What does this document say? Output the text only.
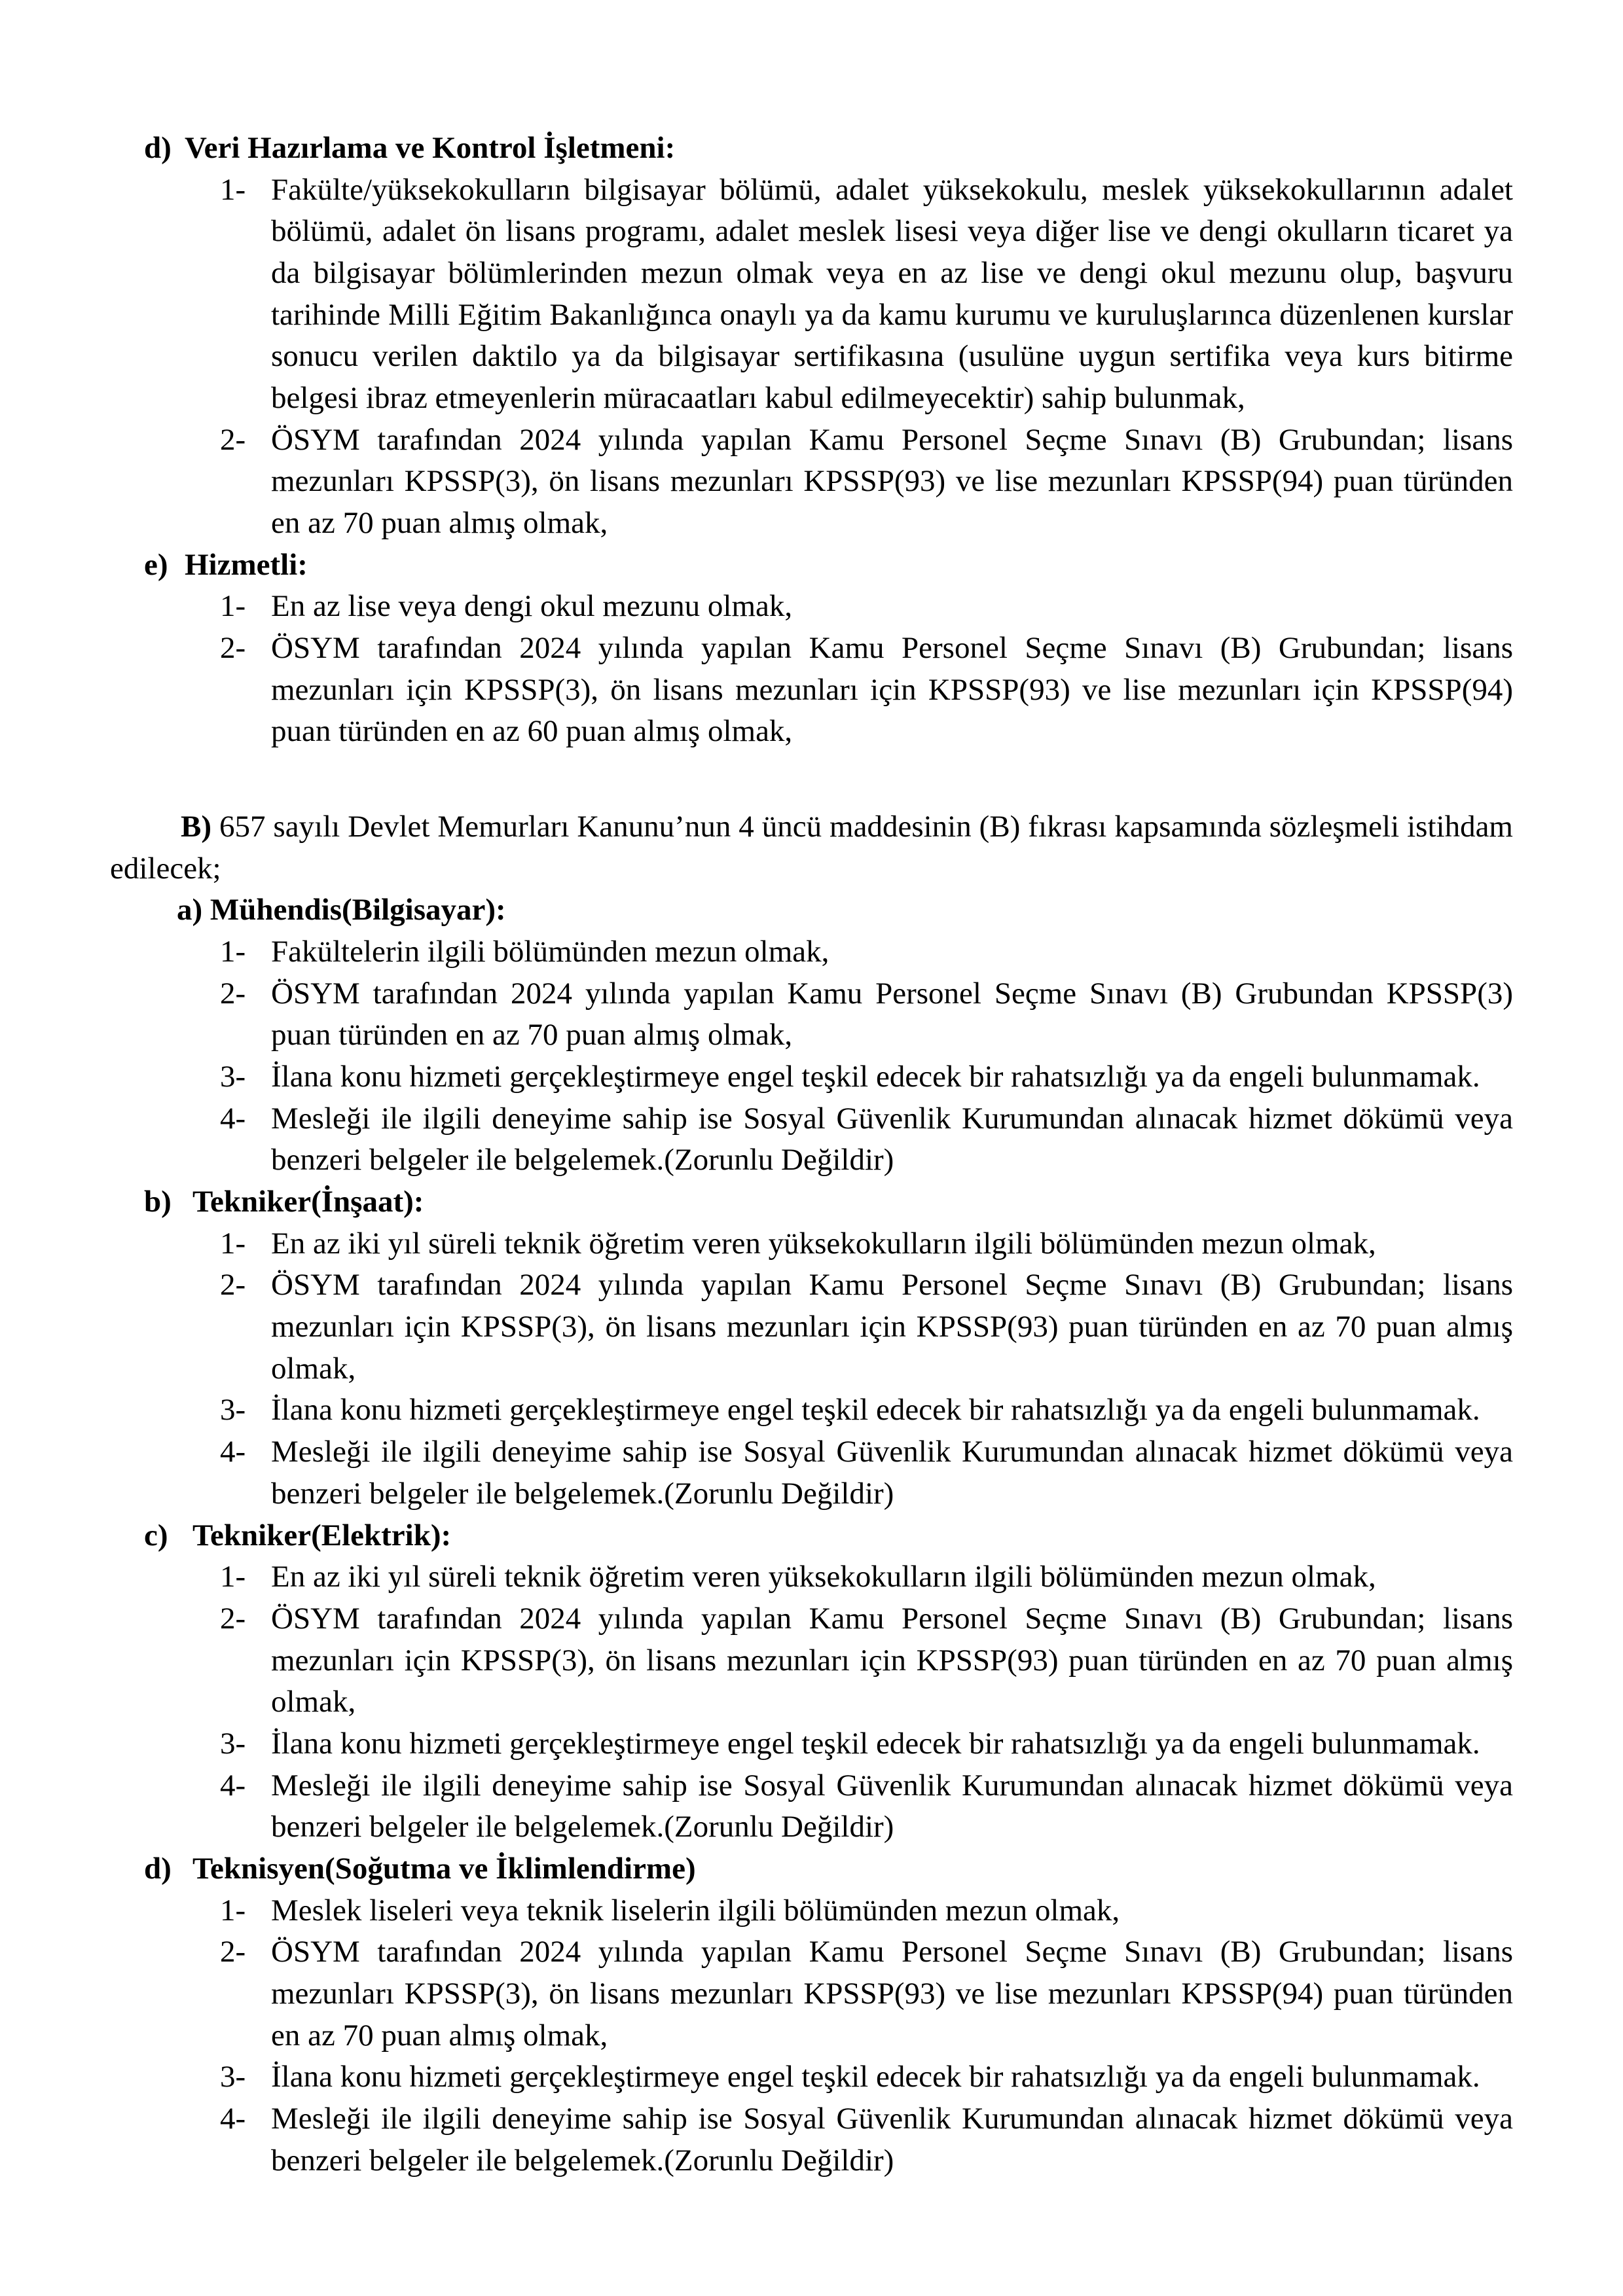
d) Veri Hazırlama ve Kontrol İşletmeni:
1- Fakülte/yüksekokulların bilgisayar bölümü, adalet yüksekokulu, meslek yüksekokullarının adalet bölümü, adalet ön lisans programı, adalet meslek lisesi veya diğer lise ve dengi okulların ticaret ya da bilgisayar bölümlerinden mezun olmak veya en az lise ve dengi okul mezunu olup, başvuru tarihinde Milli Eğitim Bakanlığınca onaylı ya da kamu kurumu ve kuruluşlarınca düzenlenen kurslar sonucu verilen daktilo ya da bilgisayar sertifikasına (usulüne uygun sertifika veya kurs bitirme belgesi ibraz etmeyenlerin müracaatları kabul edilmeyecektir) sahip bulunmak,
2- ÖSYM tarafından 2024 yılında yapılan Kamu Personel Seçme Sınavı (B) Grubundan; lisans mezunları KPSSP(3), ön lisans mezunları KPSSP(93) ve lise mezunları KPSSP(94) puan türünden en az 70 puan almış olmak,
e) Hizmetli:
1- En az lise veya dengi okul mezunu olmak,
2- ÖSYM tarafından 2024 yılında yapılan Kamu Personel Seçme Sınavı (B) Grubundan; lisans mezunları için KPSSP(3), ön lisans mezunları için KPSSP(93) ve lise mezunları için KPSSP(94) puan türünden en az 60 puan almış olmak,

B) 657 sayılı Devlet Memurları Kanunu’nun 4 üncü maddesinin (B) fıkrası kapsamında sözleşmeli istihdam edilecek;

a) Mühendis(Bilgisayar):
1- Fakültelerin ilgili bölümünden mezun olmak,
2- ÖSYM tarafından 2024 yılında yapılan Kamu Personel Seçme Sınavı (B) Grubundan KPSSP(3) puan türünden en az 70 puan almış olmak,
3- İlana konu hizmeti gerçekleştirmeye engel teşkil edecek bir rahatsızlığı ya da engeli bulunmamak.
4- Mesleği ile ilgili deneyime sahip ise Sosyal Güvenlik Kurumundan alınacak hizmet dökümü veya benzeri belgeler ile belgelemek.(Zorunlu Değildir)
b) Tekniker(İnşaat):
1- En az iki yıl süreli teknik öğretim veren yüksekokulların ilgili bölümünden mezun olmak,
2- ÖSYM tarafından 2024 yılında yapılan Kamu Personel Seçme Sınavı (B) Grubundan; lisans mezunları için KPSSP(3), ön lisans mezunları için KPSSP(93) puan türünden en az 70 puan almış olmak,
3- İlana konu hizmeti gerçekleştirmeye engel teşkil edecek bir rahatsızlığı ya da engeli bulunmamak.
4- Mesleği ile ilgili deneyime sahip ise Sosyal Güvenlik Kurumundan alınacak hizmet dökümü veya benzeri belgeler ile belgelemek.(Zorunlu Değildir)
c) Tekniker(Elektrik):
1- En az iki yıl süreli teknik öğretim veren yüksekokulların ilgili bölümünden mezun olmak,
2- ÖSYM tarafından 2024 yılında yapılan Kamu Personel Seçme Sınavı (B) Grubundan; lisans mezunları için KPSSP(3), ön lisans mezunları için KPSSP(93) puan türünden en az 70 puan almış olmak,
3- İlana konu hizmeti gerçekleştirmeye engel teşkil edecek bir rahatsızlığı ya da engeli bulunmamak.
4- Mesleği ile ilgili deneyime sahip ise Sosyal Güvenlik Kurumundan alınacak hizmet dökümü veya benzeri belgeler ile belgelemek.(Zorunlu Değildir)
d) Teknisyen(Soğutma ve İklimlendirme)
1- Meslek liseleri veya teknik liselerin ilgili bölümünden mezun olmak,
2- ÖSYM tarafından 2024 yılında yapılan Kamu Personel Seçme Sınavı (B) Grubundan; lisans mezunları KPSSP(3), ön lisans mezunları KPSSP(93) ve lise mezunları KPSSP(94) puan türünden en az 70 puan almış olmak,
3- İlana konu hizmeti gerçekleştirmeye engel teşkil edecek bir rahatsızlığı ya da engeli bulunmamak.
4- Mesleği ile ilgili deneyime sahip ise Sosyal Güvenlik Kurumundan alınacak hizmet dökümü veya benzeri belgeler ile belgelemek.(Zorunlu Değildir)
